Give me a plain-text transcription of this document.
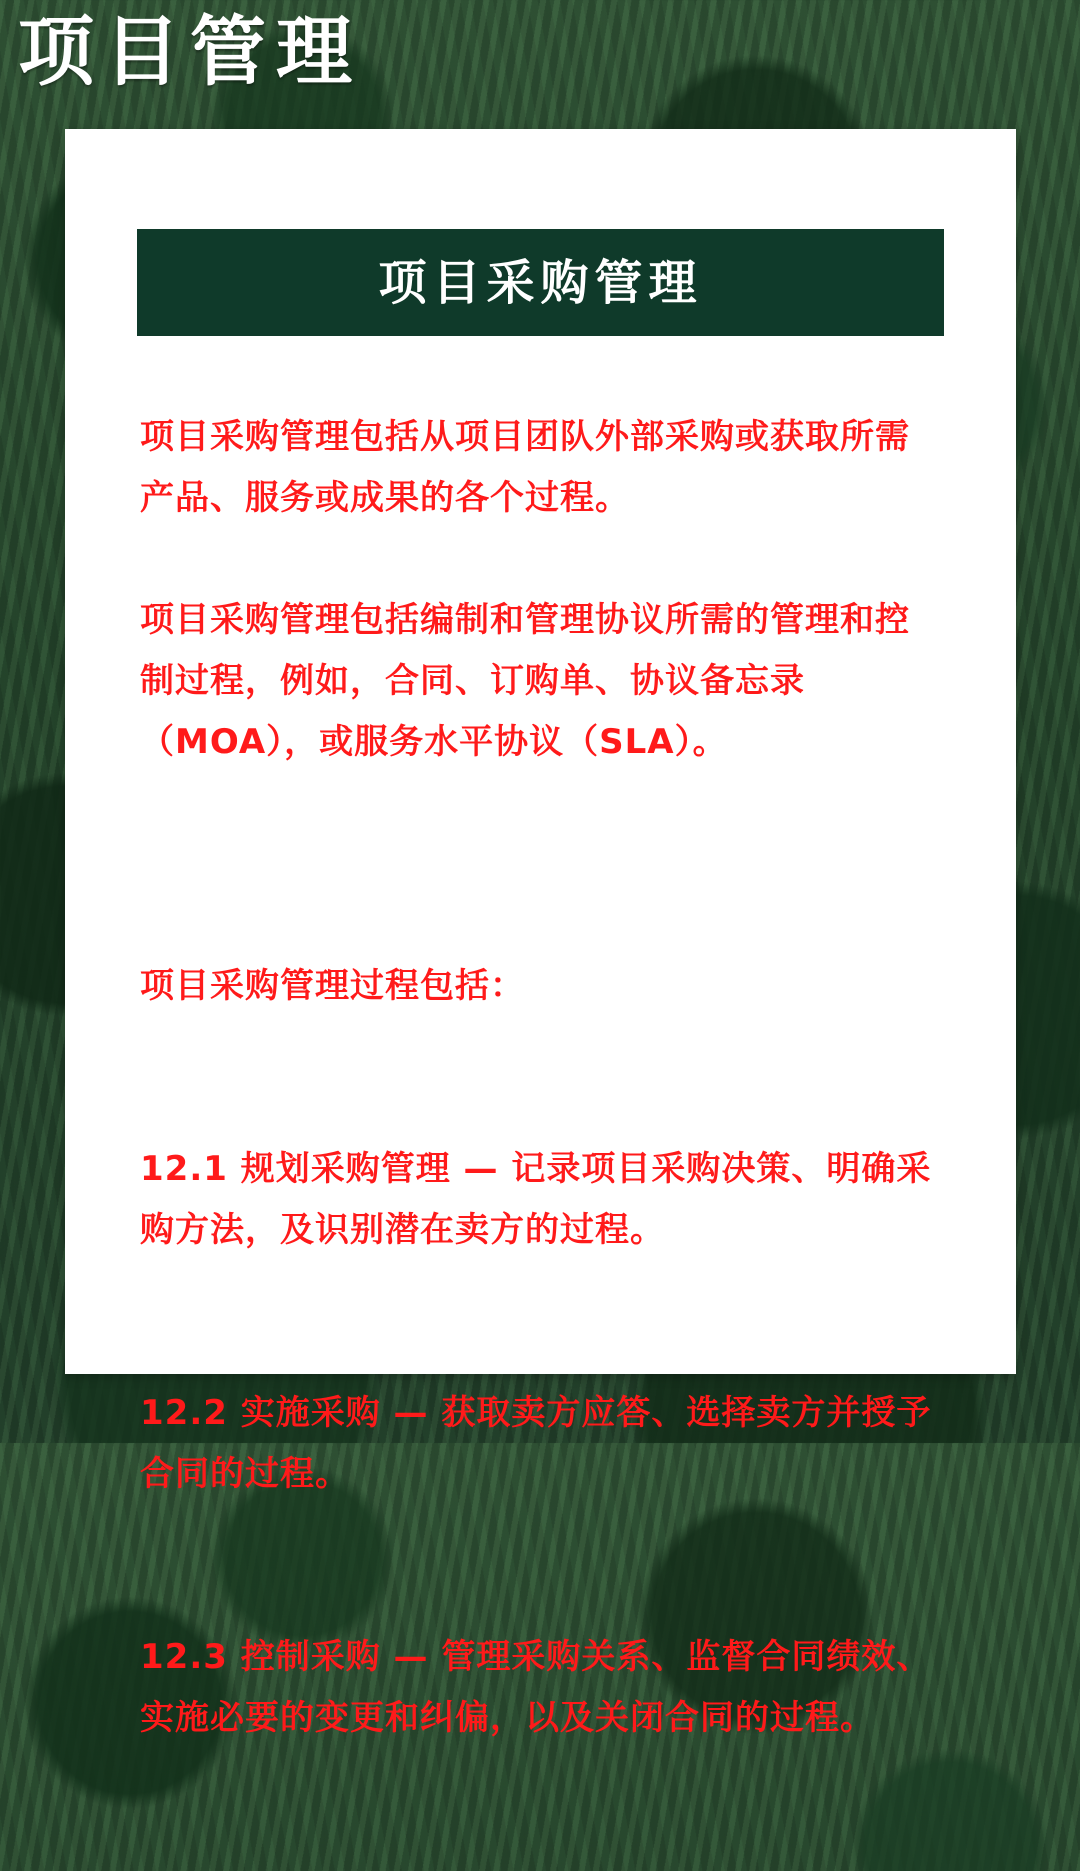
项目管理
项目采购管理

项目采购管理包括从项目团队外部采购或获取所需产品、服务或成果的各个过程。

项目采购管理包括编制和管理协议所需的管理和控制过程，例如，合同、订购单、协议备忘录（MOA），或服务水平协议（SLA）。

项目采购管理过程包括：

12.1 规划采购管理 — 记录项目采购决策、明确采购方法，及识别潜在卖方的过程。

12.2 实施采购 — 获取卖方应答、选择卖方并授予合同的过程。

12.3 控制采购 — 管理采购关系、监督合同绩效、实施必要的变更和纠偏，以及关闭合同的过程。
